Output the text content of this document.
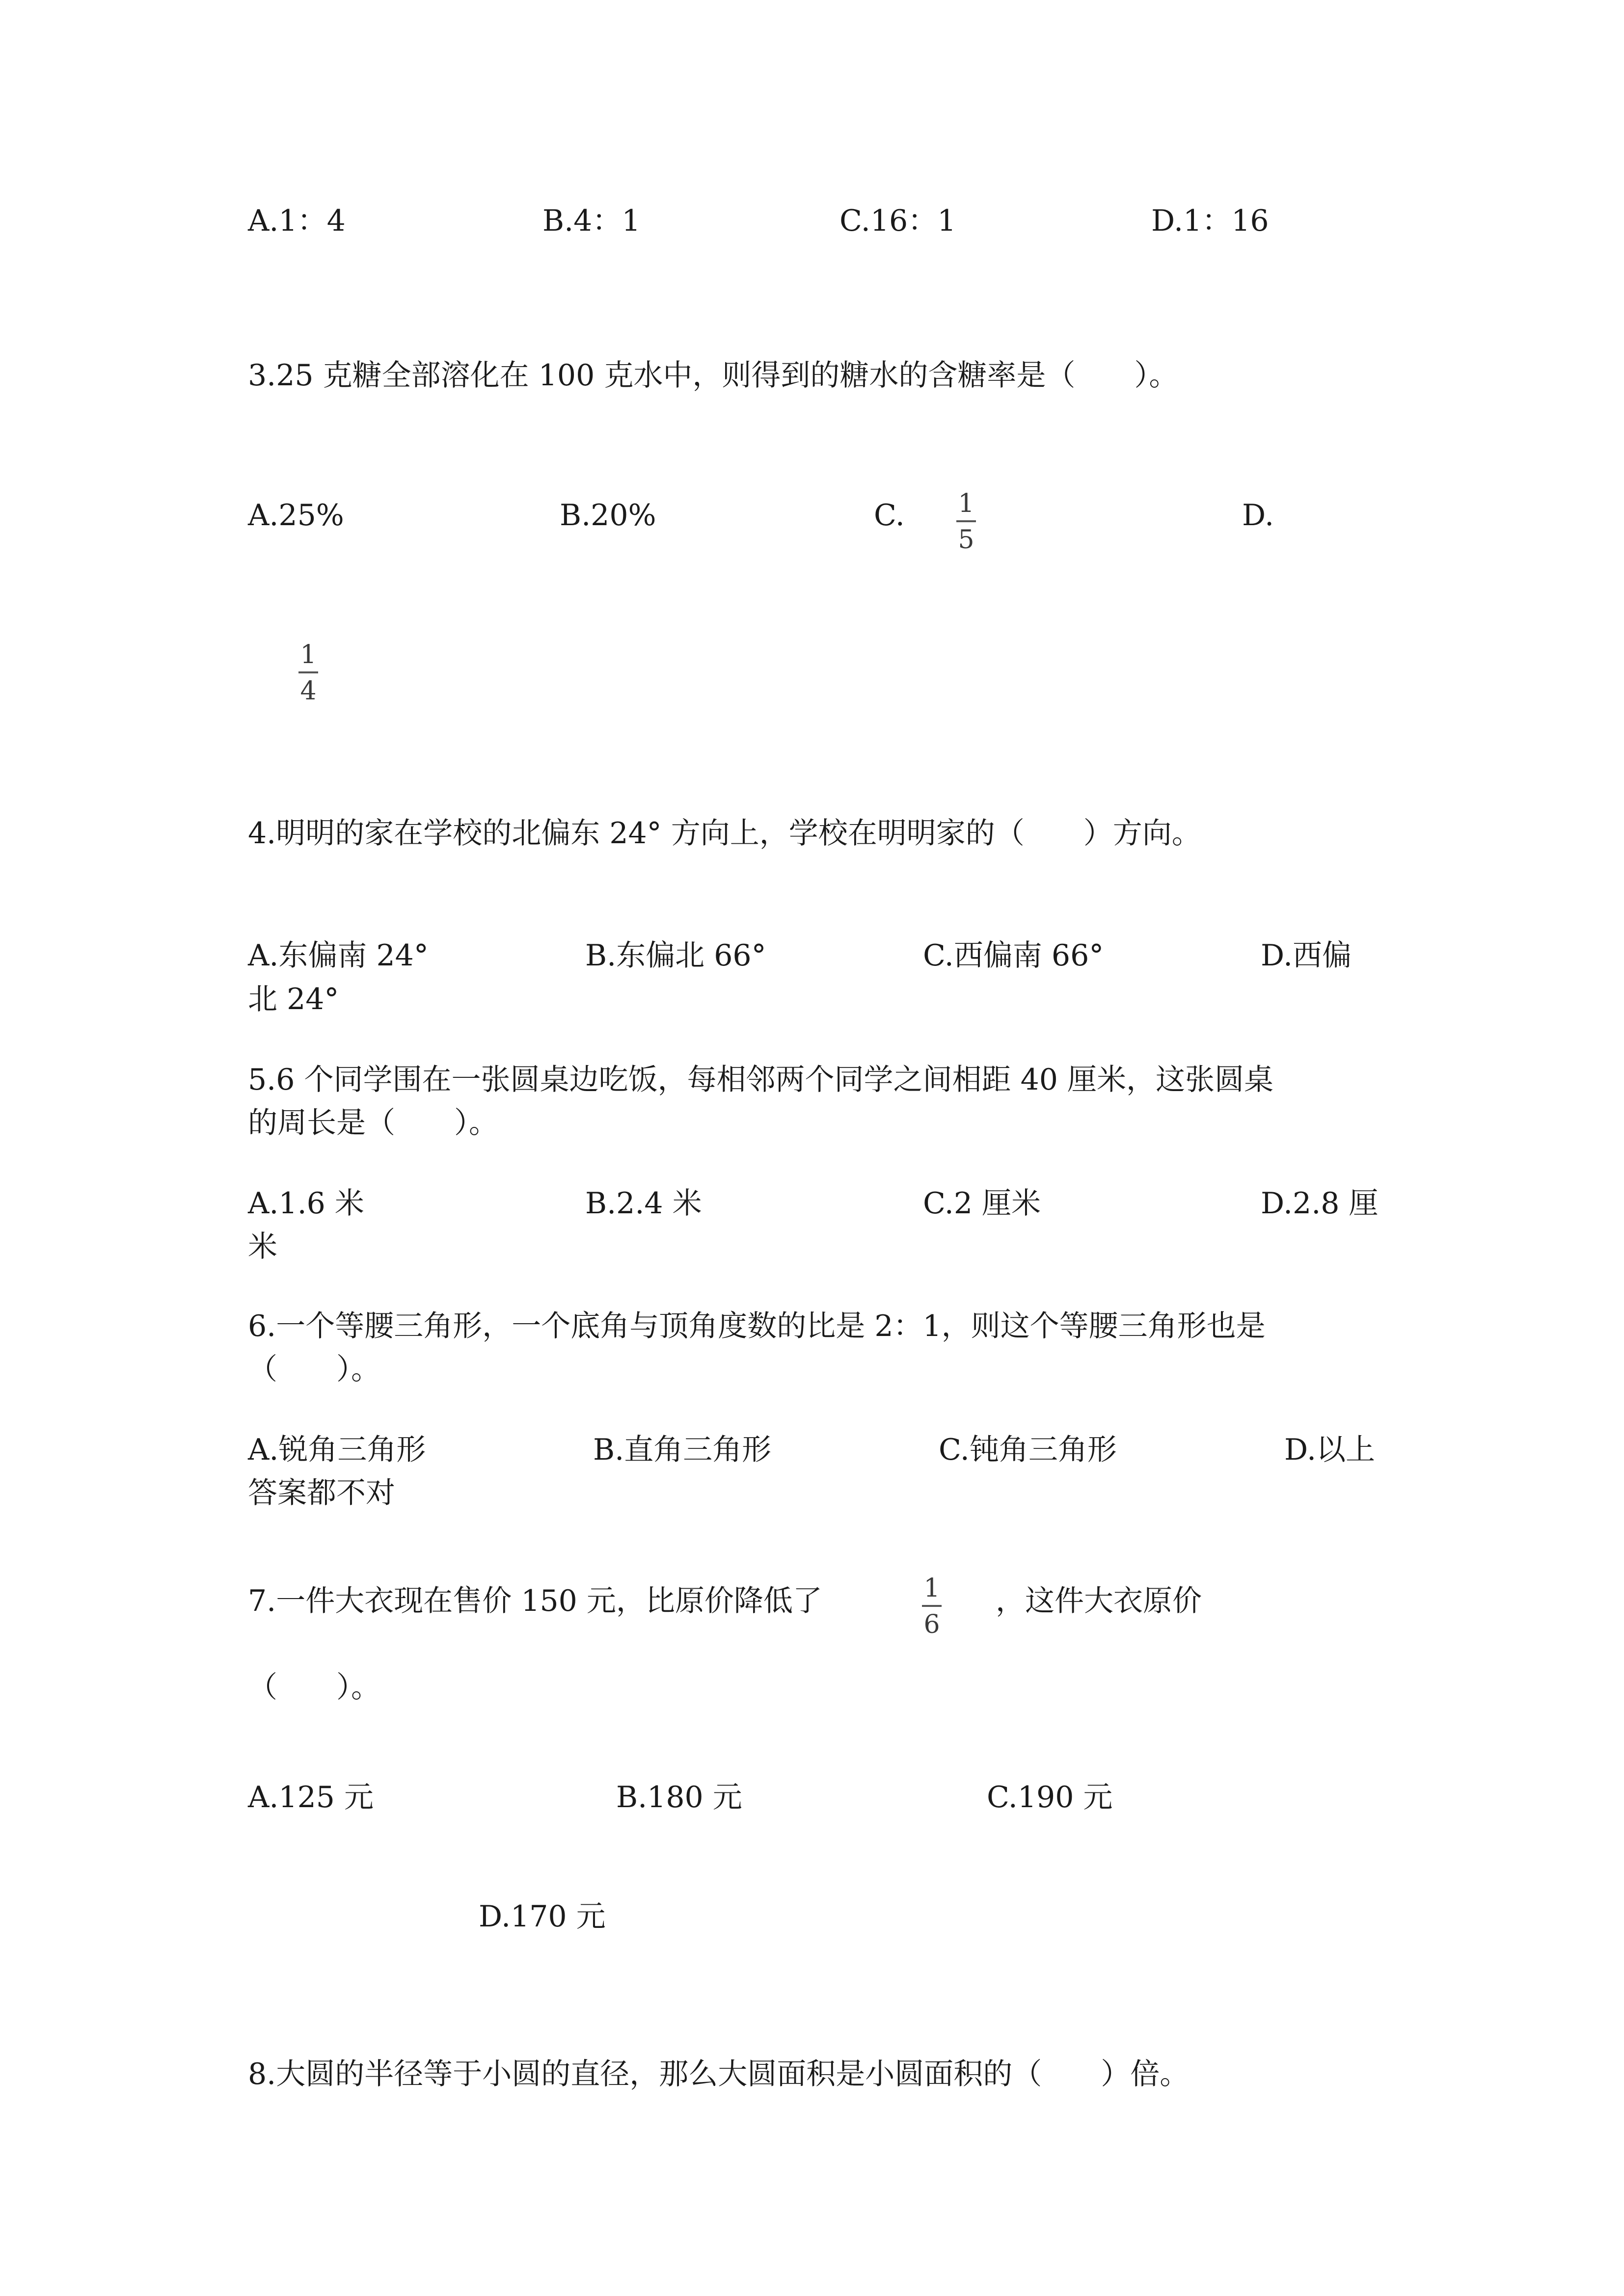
A.1：4	B.4：1	C.16：1	D.1：16
3.25 克糖全部溶化在 100 克水中，则得到的糖水的含糖率是（　　）。
A.25%	B.20%	C. 1
5
D.
1
4
4.明明的家在学校的北偏东 24° 方向上，学校在明明家的（　　）方向。
A.东偏南 24°	B.东偏北 66°	C.西偏南 66°	D.西偏
北 24°
5.6 个同学围在一张圆桌边吃饭，每相邻两个同学之间相距 40 厘米，这张圆桌
的周长是（　　）。
A.1.6 米	B.2.4 米	C.2 厘米	D.2.8 厘
米
6.一个等腰三角形，一个底角与顶角度数的比是 2：1，则这个等腰三角形也是
（　　）。
A.锐角三角形	B.直角三角形	C.钝角三角形	D.以上
答案都不对
7.一件大衣现在售价 150 元，比原价降低了	1
6
，这件大衣原价
（　　）。
A.125 元	B.180 元	C.190 元
D.170 元
8.大圆的半径等于小圆的直径，那么大圆面积是小圆面积的（　　）倍。
